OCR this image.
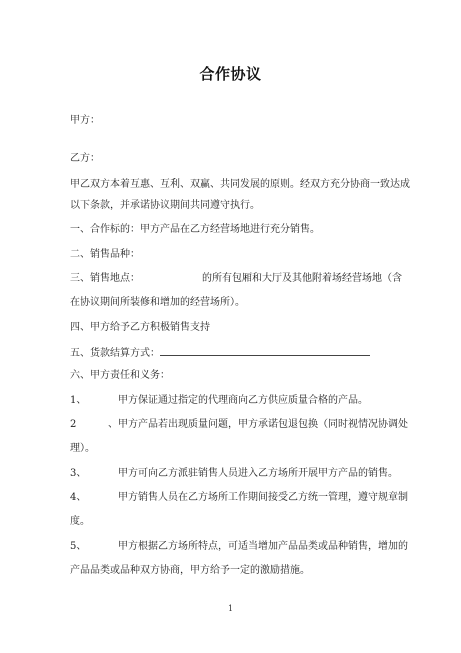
合作协议
甲方：
乙方：
甲乙双方本着互惠、互利、双赢、共同发展的原则。经双方充分协商一致达成
以下条款，并承诺协议期间共同遵守执行。
一、合作标的：甲方产品在乙方经营场地进行充分销售。
二、销售品种：
三、销售地点：	的所有包厢和大厅及其他附着场经营场地（含
在协议期间所装修和增加的经营场所）。
四、甲方给予乙方积极销售支持
五、货款结算方式：
六、甲方责任和义务：
1、	甲方保证通过指定的代理商向乙方供应质量合格的产品。
2、甲方产品若出现质量问题，甲方承诺包退包换（同时视情况协调处
理）。
3、	甲方可向乙方派驻销售人员进入乙方场所开展甲方产品的销售。
4、	甲方销售人员在乙方场所工作期间接受乙方统一管理，遵守规章制
度。
5、	甲方根据乙方场所特点，可适当增加产品品类或品种销售，增加的
产品品类或品种双方协商，甲方给予一定的激励措施。
1
